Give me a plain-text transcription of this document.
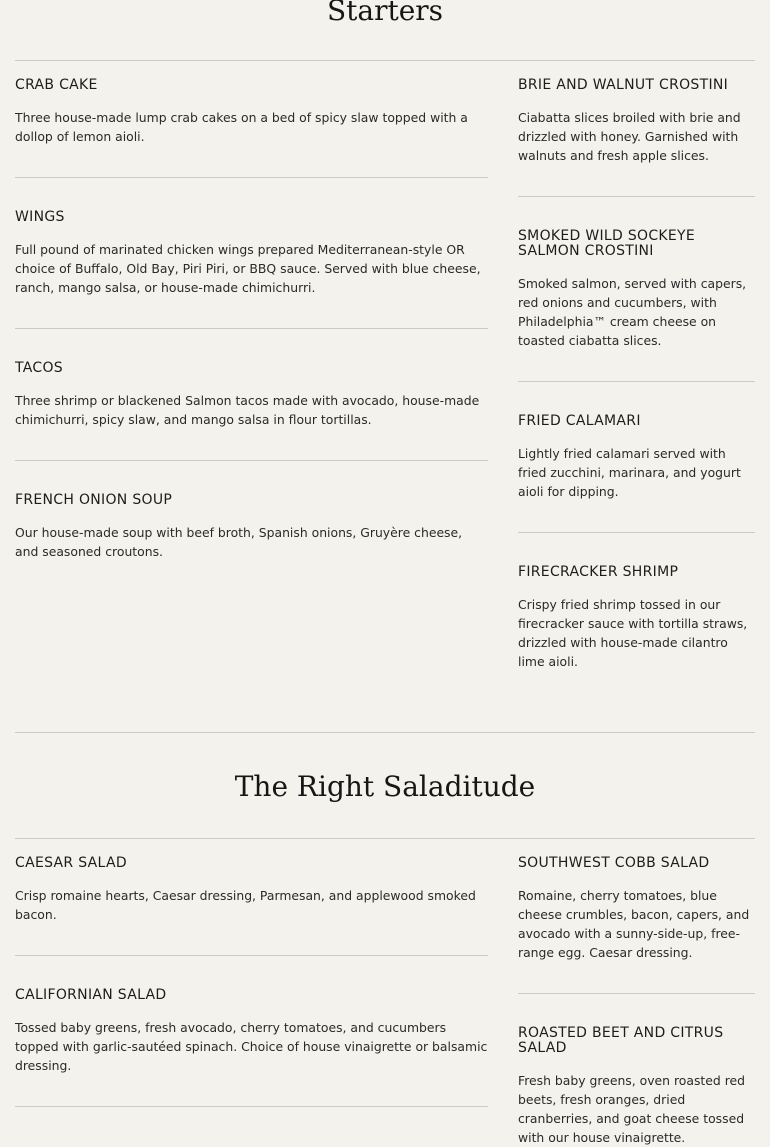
Starters
CRAB CAKE

Three house-made lump crab cakes on a bed of spicy slaw topped with a dollop of lemon aioli.

WINGS

Full pound of marinated chicken wings prepared Mediterranean-style OR choice of Buffalo, Old Bay, Piri Piri, or BBQ sauce. Served with blue cheese, ranch, mango salsa, or house-made chimichurri.

TACOS

Three shrimp or blackened Salmon tacos made with avocado, house-made chimichurri, spicy slaw, and mango salsa in flour tortillas.

FRENCH ONION SOUP

Our house-made soup with beef broth, Spanish onions, Gruyère cheese, and seasoned croutons.

BRIE AND WALNUT CROSTINI

Ciabatta slices broiled with brie and drizzled with honey. Garnished with walnuts and fresh apple slices.

SMOKED WILD SOCKEYE SALMON CROSTINI

Smoked salmon, served with capers, red onions and cucumbers, with Philadelphia™ cream cheese on toasted ciabatta slices.

FRIED CALAMARI

Lightly fried calamari served with fried zucchini, marinara, and yogurt aioli for dipping.

FIRECRACKER SHRIMP

Crispy fried shrimp tossed in our firecracker sauce with tortilla straws, drizzled with house-made cilantro lime aioli.

The Right Saladitude
CAESAR SALAD

Crisp romaine hearts, Caesar dressing, Parmesan, and applewood smoked bacon.

CALIFORNIAN SALAD

Tossed baby greens, fresh avocado, cherry tomatoes, and cucumbers topped with garlic-sautéed spinach. Choice of house vinaigrette or balsamic dressing.

SOUTHWEST COBB SALAD

Romaine, cherry tomatoes, blue cheese crumbles, bacon, capers, and avocado with a sunny-side-up, free-range egg. Caesar dressing.

ROASTED BEET AND CITRUS SALAD

Fresh baby greens, oven roasted red beets, fresh oranges, dried cranberries, and goat cheese tossed with our house vinaigrette.
